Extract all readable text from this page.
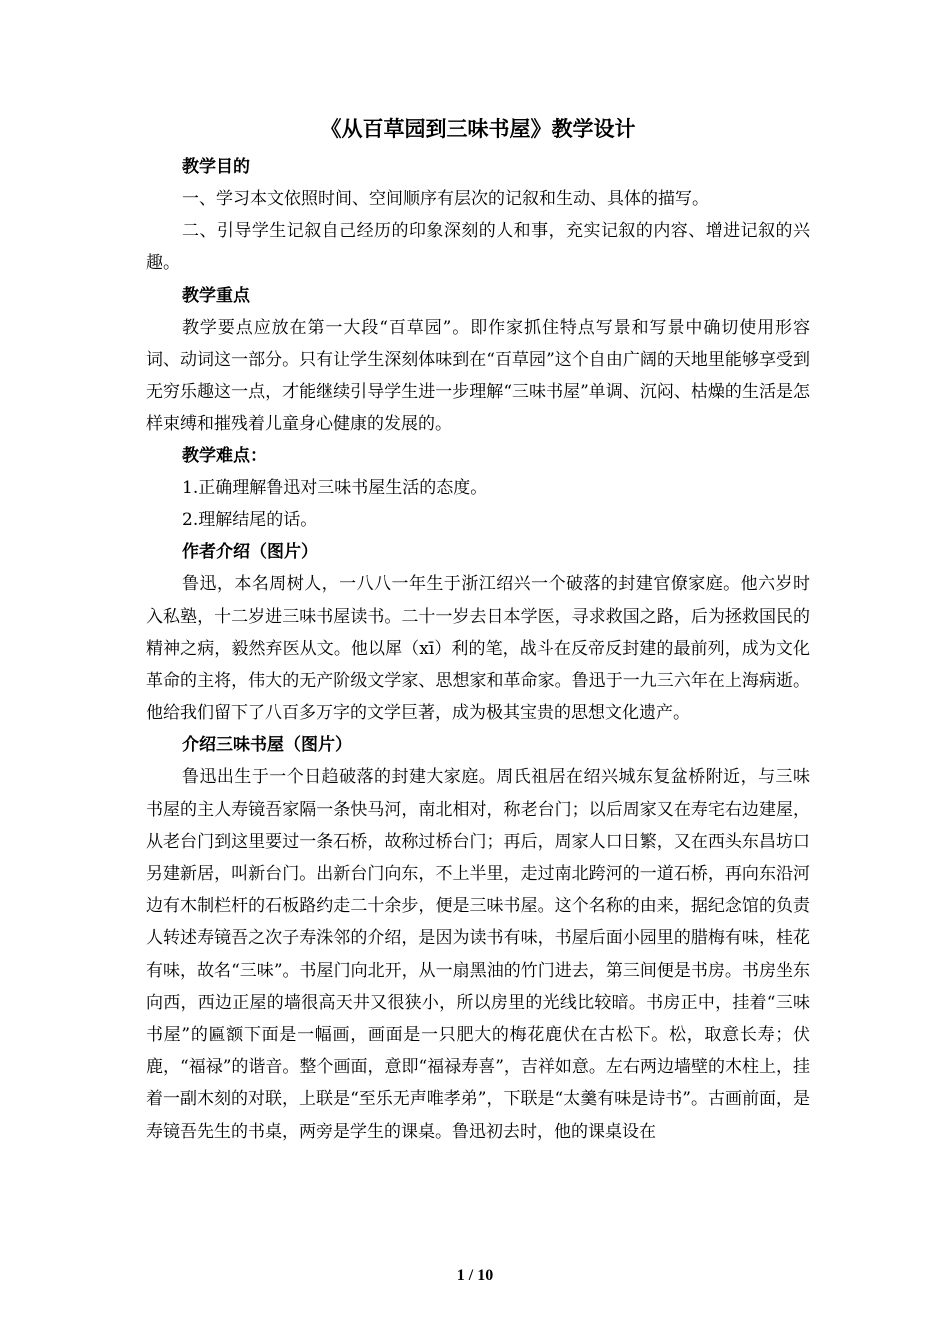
《从百草园到三味书屋》教学设计
教学目的
一、学习本文依照时间、空间顺序有层次的记叙和生动、具体的描写。
二、引导学生记叙自己经历的印象深刻的人和事，充实记叙的内容、增进记叙的兴趣。
教学重点
教学要点应放在第一大段“百草园”。即作家抓住特点写景和写景中确切使用形容词、动词这一部分。只有让学生深刻体味到在“百草园”这个自由广阔的天地里能够享受到无穷乐趣这一点，才能继续引导学生进一步理解“三味书屋”单调、沉闷、枯燥的生活是怎样束缚和摧残着儿童身心健康的发展的。
教学难点：
1.正确理解鲁迅对三味书屋生活的态度。
2.理解结尾的话。
作者介绍（图片）
鲁迅，本名周树人，一八八一年生于浙江绍兴一个破落的封建官僚家庭。他六岁时入私塾，十二岁进三味书屋读书。二十一岁去日本学医，寻求救国之路，后为拯救国民的精神之病，毅然弃医从文。他以犀（xī）利的笔，战斗在反帝反封建的最前列，成为文化革命的主将，伟大的无产阶级文学家、思想家和革命家。鲁迅于一九三六年在上海病逝。他给我们留下了八百多万字的文学巨著，成为极其宝贵的思想文化遗产。
介绍三味书屋（图片）
鲁迅出生于一个日趋破落的封建大家庭。周氏祖居在绍兴城东复盆桥附近，与三味书屋的主人寿镜吾家隔一条快马河，南北相对，称老台门；以后周家又在寿宅右边建屋，从老台门到这里要过一条石桥，故称过桥台门；再后，周家人口日繁，又在西头东昌坊口另建新居，叫新台门。出新台门向东，不上半里，走过南北跨河的一道石桥，再向东沿河边有木制栏杆的石板路约走二十余步，便是三味书屋。这个名称的由来，据纪念馆的负责人转述寿镜吾之次子寿洙邻的介绍，是因为读书有味，书屋后面小园里的腊梅有味，桂花有味，故名“三味”。书屋门向北开，从一扇黑油的竹门进去，第三间便是书房。书房坐东向西，西边正屋的墙很高天井又很狭小，所以房里的光线比较暗。书房正中，挂着“三味书屋”的匾额下面是一幅画，画面是一只肥大的梅花鹿伏在古松下。松，取意长寿；伏鹿，“福禄”的谐音。整个画面，意即“福禄寿喜”，吉祥如意。左右两边墙壁的木柱上，挂着一副木刻的对联，上联是“至乐无声唯孝弟”，下联是“太羹有味是诗书”。古画前面，是寿镜吾先生的书桌，两旁是学生的课桌。鲁迅初去时，他的课桌设在
1 / 10
